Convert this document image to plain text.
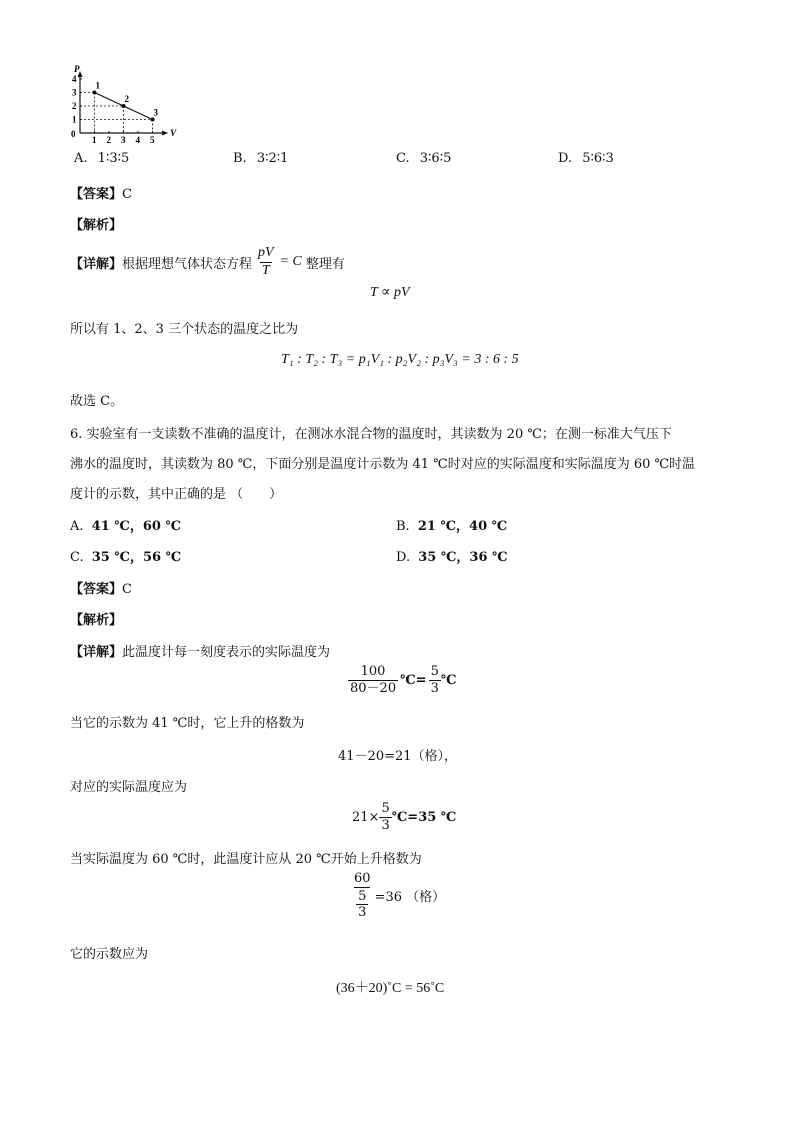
V
P
0
1 2 3 4 5
1
2
3
4
1
2
3
A. 1∶3∶5	B. 3∶2∶1	C. 3∶6∶5	D. 5∶6∶3
【答案】C
【解析】
【详解】 根据理想气体状态方程 $\frac{pV}{T} = C$ 整理有
T ∝ pV
所以有 1、2、3 三个状态的温度之比为
T₁ : T₂ : T₃ = p₁V₁ : p₂V₂ : p₃V₃ = 3 : 6 : 5
故选 C。
6. 实验室有一支读数不准确的温度计，在测冰水混合物的温度时，其读数为 20 ℃；在测一标准大气压下
沸水的温度时，其读数为 80 ℃，下面分别是温度计示数为 41 ℃时对应的实际温度和实际温度为 60 ℃时温
度计的示数，其中正确的是 （　　）
A. 41 ℃，60 ℃	B. 21 ℃，40 ℃
C. 35 ℃，56 ℃	D. 35 ℃，36 ℃
【答案】C
【解析】
【详解】此温度计每一刻度表示的实际温度为
$\frac{100}{80-20}$ ℃= $\frac{5}{3}$ ℃
当它的示数为 41 ℃时，它上升的格数为
41－20=21（格），
对应的实际温度应为
$21\times \frac{5}{3}$ ℃=35 ℃
当实际温度为 60 ℃时，此温度计应从 20 ℃开始上升格数为
$\frac{60}{\frac{5}{3}} =36$ （格）
它的示数应为
(36＋20)˚C = 56˚C
